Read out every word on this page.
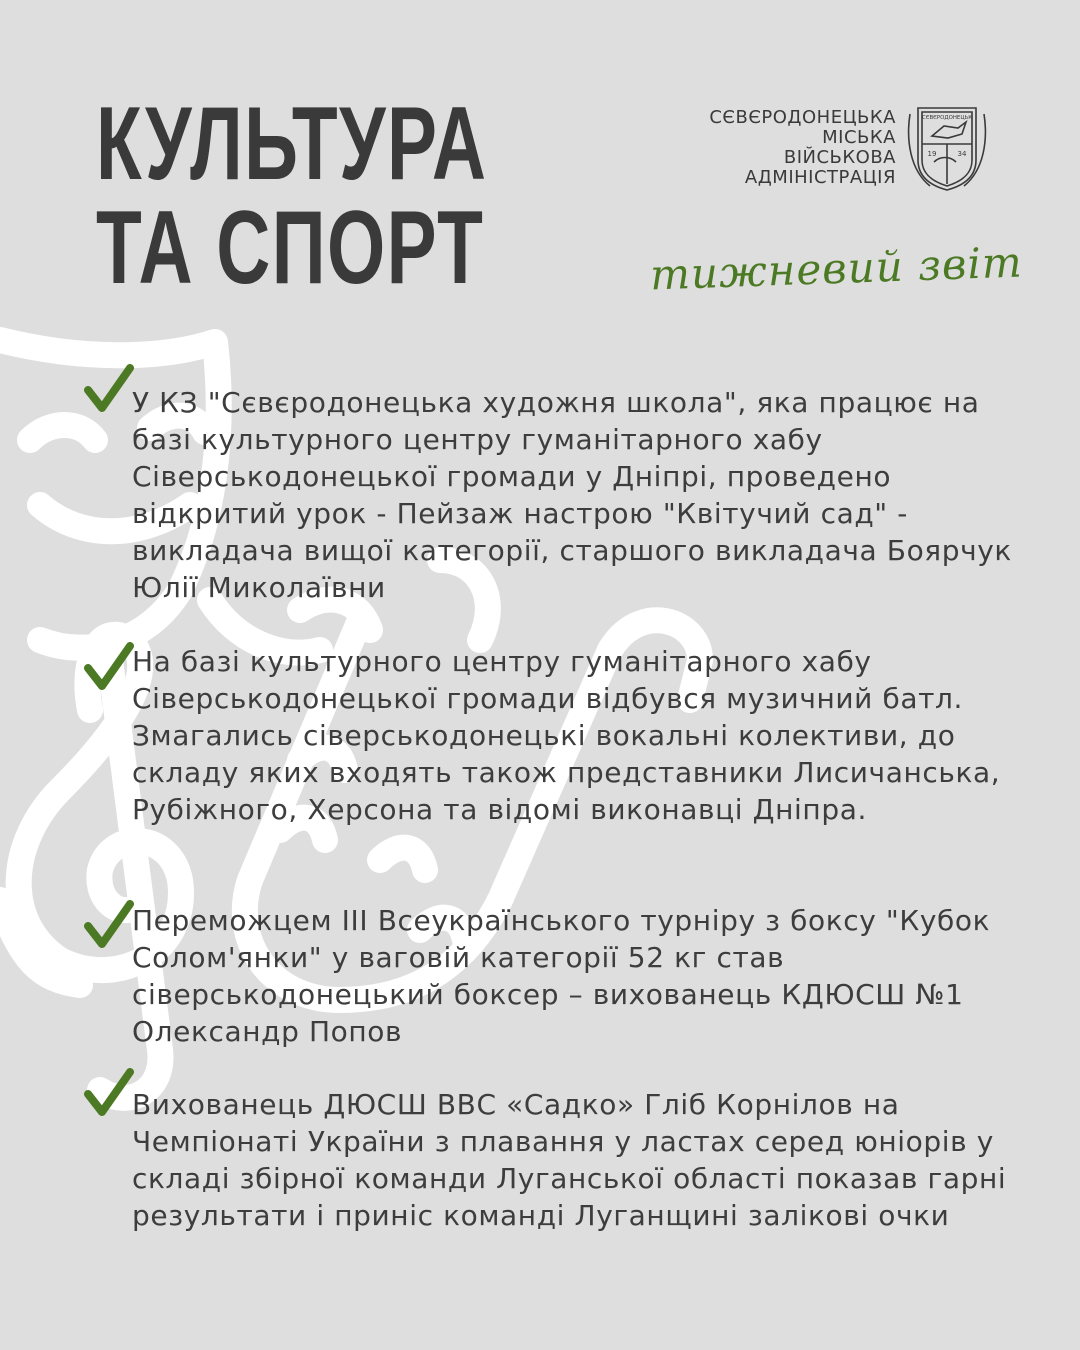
КУЛЬТУРА
ТА СПОРТ
СЄВЄРОДОНЕЦЬКА
МІСЬКА
ВІЙСЬКОВА
АДМІНІСТРАЦІЯ
СЄВЄРОДОНЕЦЬК
19	34
тижневий звіт
У КЗ "Сєвєродонецька художня школа", яка працює на базі культурного центру гуманітарного хабу Сіверськодонецької громади у Дніпрі, проведено відкритий урок - Пейзаж настрою "Квітучий сад" - викладача вищої категорії, старшого викладача Боярчук Юлії Миколаївни
На базі культурного центру гуманітарного хабу Сіверськодонецької громади відбувся музичний батл. Змагались сіверськодонецькі вокальні колективи, до складу яких входять також представники Лисичанська, Рубіжного, Херсона та відомі виконавці Дніпра.
Переможцем ІІІ Всеукраїнського турніру з боксу "Кубок Солом'янки" у ваговій категорії 52 кг став сіверськодонецький боксер – вихованець КДЮСШ №1 Олександр Попов
Вихованець ДЮСШ ВВС «Садко» Гліб Корнілов на Чемпіонаті України з плавання у ластах серед юніорів у складі збірної команди Луганської області показав гарні результати і приніс команді Луганщині залікові очки
